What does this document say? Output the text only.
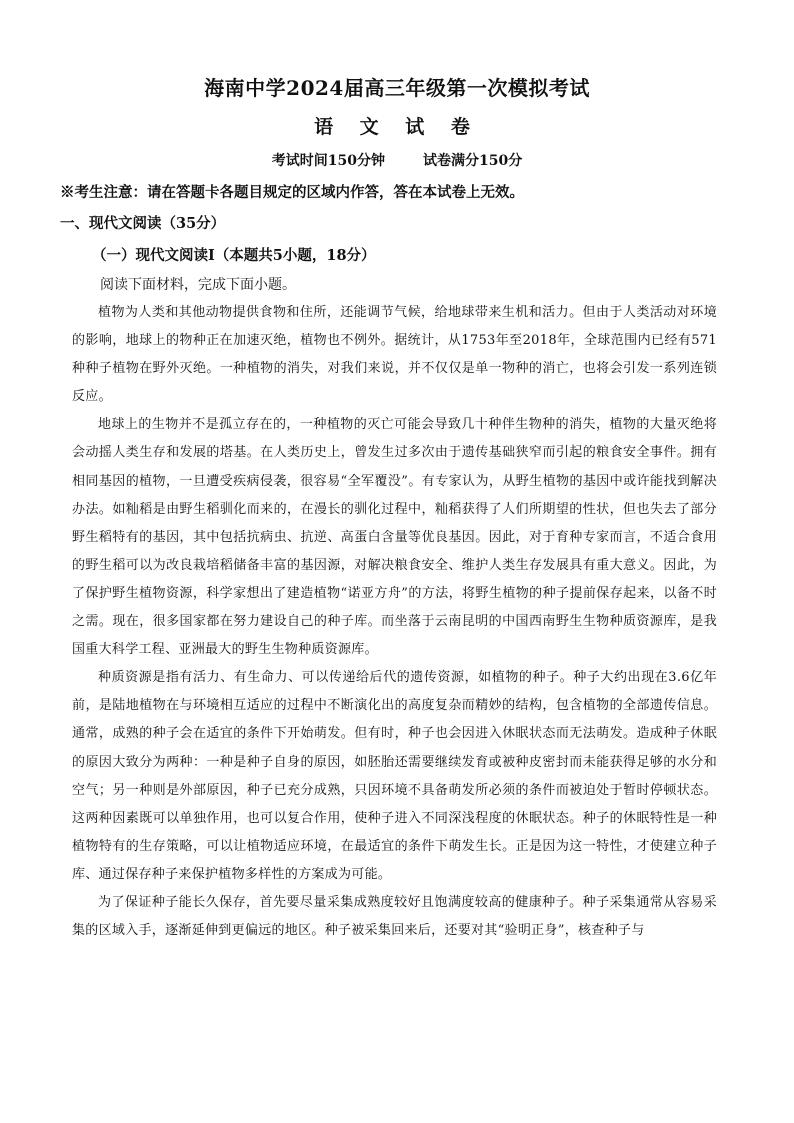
海南中学2024届高三年级第一次模拟考试
语 文 试 卷
考试时间150分钟	试卷满分150分
※考生注意：请在答题卡各题目规定的区域内作答，答在本试卷上无效。
一、现代文阅读（35分）
（一）现代文阅读Ⅰ（本题共5小题，18分）
阅读下面材料，完成下面小题。

植物为人类和其他动物提供食物和住所，还能调节气候，给地球带来生机和活力。但由于人类活动对环境的影响，地球上的物种正在加速灭绝，植物也不例外。据统计，从1753年至2018年，全球范围内已经有571种种子植物在野外灭绝。一种植物的消失，对我们来说，并不仅仅是单一物种的消亡，也将会引发一系列连锁反应。

地球上的生物并不是孤立存在的，一种植物的灭亡可能会导致几十种伴生物种的消失，植物的大量灭绝将会动摇人类生存和发展的塔基。在人类历史上，曾发生过多次由于遗传基础狭窄而引起的粮食安全事件。拥有相同基因的植物，一旦遭受疾病侵袭，很容易“全军覆没”。有专家认为，从野生植物的基因中或许能找到解决办法。如籼稻是由野生稻驯化而来的，在漫长的驯化过程中，籼稻获得了人们所期望的性状，但也失去了部分野生稻特有的基因，其中包括抗病虫、抗逆、高蛋白含量等优良基因。因此，对于育种专家而言，不适合食用的野生稻可以为改良栽培稻储备丰富的基因源，对解决粮食安全、维护人类生存发展具有重大意义。因此，为了保护野生植物资源，科学家想出了建造植物“诺亚方舟”的方法，将野生植物的种子提前保存起来，以备不时之需。现在，很多国家都在努力建设自己的种子库。而坐落于云南昆明的中国西南野生生物种质资源库，是我国重大科学工程、亚洲最大的野生生物种质资源库。

种质资源是指有活力、有生命力、可以传递给后代的遗传资源，如植物的种子。种子大约出现在3.6亿年前，是陆地植物在与环境相互适应的过程中不断演化出的高度复杂而精妙的结构，包含植物的全部遗传信息。通常，成熟的种子会在适宜的条件下开始萌发。但有时，种子也会因进入休眠状态而无法萌发。造成种子休眠的原因大致分为两种：一种是种子自身的原因，如胚胎还需要继续发育或被种皮密封而未能获得足够的水分和空气；另一种则是外部原因，种子已充分成熟，只因环境不具备萌发所必须的条件而被迫处于暂时停顿状态。这两种因素既可以单独作用，也可以复合作用，使种子进入不同深浅程度的休眠状态。种子的休眠特性是一种植物特有的生存策略，可以让植物适应环境，在最适宜的条件下萌发生长。正是因为这一特性，才使建立种子库、通过保存种子来保护植物多样性的方案成为可能。

为了保证种子能长久保存，首先要尽量采集成熟度较好且饱满度较高的健康种子。种子采集通常从容易采集的区域入手，逐渐延伸到更偏远的地区。种子被采集回来后，还要对其“验明正身”，核查种子与
